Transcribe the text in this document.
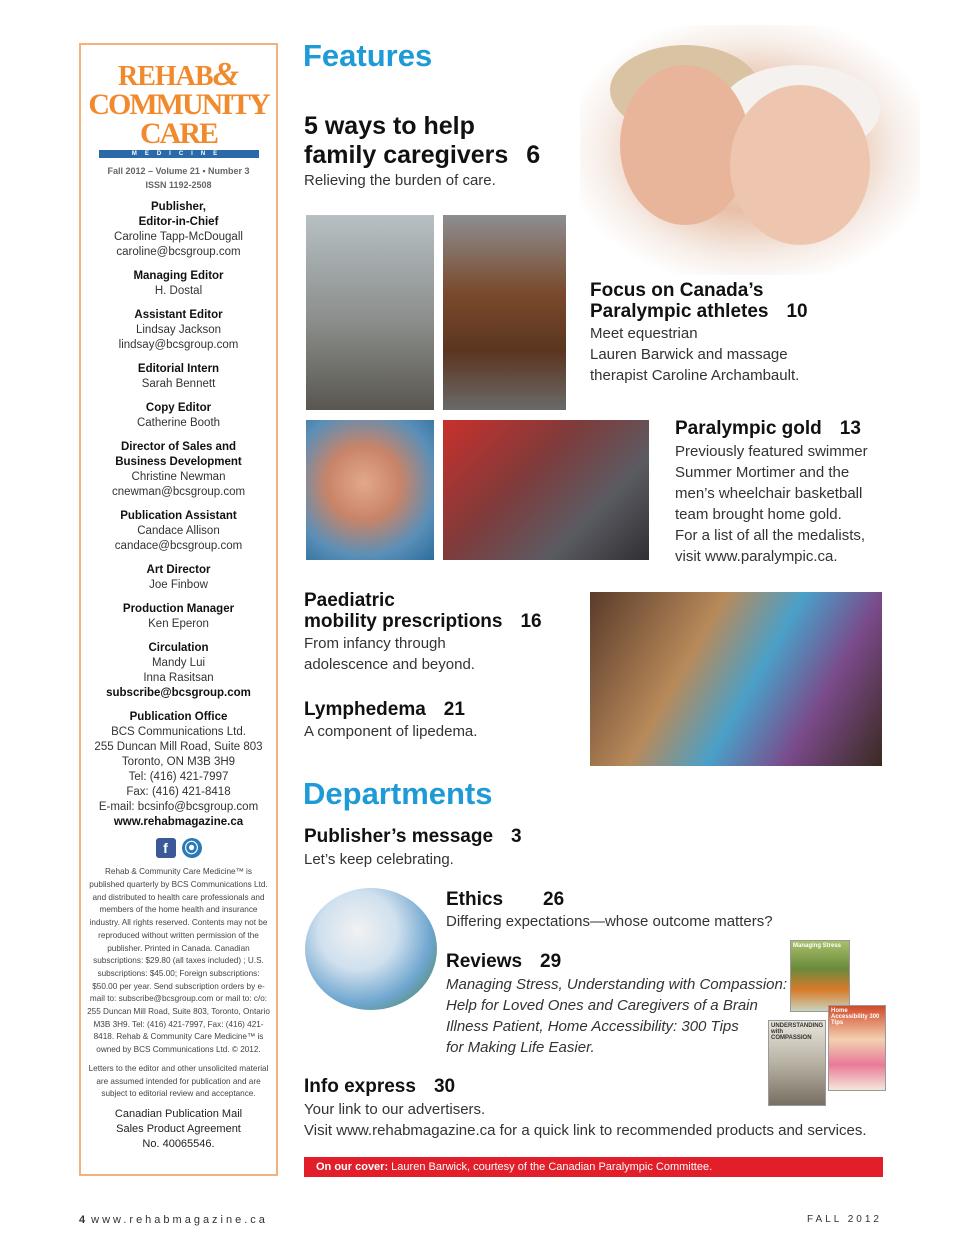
REHAB&
COMMUNITY CARE
MEDICINE
Fall 2012 – Volume 21 ▪ Number 3
ISSN 1192-2508
Publisher,
Editor-in-Chief
Caroline Tapp-McDougall
caroline@bcsgroup.com
Managing Editor
H. Dostal
Assistant Editor
Lindsay Jackson
lindsay@bcsgroup.com
Editorial Intern
Sarah Bennett
Copy Editor
Catherine Booth
Director of Sales and
Business Development
Christine Newman
cnewman@bcsgroup.com
Publication Assistant
Candace Allison
candace@bcsgroup.com
Art Director
Joe Finbow
Production Manager
Ken Eperon
Circulation
Mandy Lui
Inna Rasitsan
subscribe@bcsgroup.com
Publication Office
BCS Communications Ltd.
255 Duncan Mill Road, Suite 803
Toronto, ON M3B 3H9
Tel: (416) 421-7997
Fax: (416) 421-8418
E-mail: bcsinfo@bcsgroup.com
www.rehabmagazine.ca
f ⦿
Rehab & Community Care Medicine™ is published quarterly by BCS Communications Ltd. and distributed to health care professionals and members of the home health and insurance industry. All rights reserved. Contents may not be reproduced without written permission of the publisher. Printed in Canada. Canadian subscriptions: $29.80 (all taxes included) ; U.S. subscriptions: $45.00; Foreign subscriptions: $50.00 per year. Send subscription orders by e-mail to: subscribe@bcsgroup.com or mail to: c/o: 255 Duncan Mill Road, Suite 803, Toronto, Ontario M3B 3H9. Tel: (416) 421-7997, Fax: (416) 421-8418. Rehab & Community Care Medicine™ is owned by BCS Communications Ltd. © 2012.
Letters to the editor and other unsolicited material are assumed intended for publication and are subject to editorial review and acceptance.
Canadian Publication Mail
Sales Product Agreement
No. 40065546.
Features
5 ways to help
family caregivers 6
Relieving the burden of care.
Focus on Canada’s
Paralympic athletes 10
Meet equestrian
Lauren Barwick and massage
therapist Caroline Archambault.
Paralympic gold 13
Previously featured swimmer
Summer Mortimer and the
men’s wheelchair basketball
team brought home gold.
For a list of all the medalists,
visit www.paralympic.ca.
Paediatric
mobility prescriptions 16
From infancy through
adolescence and beyond.
Lymphedema 21
A component of lipedema.
Departments
Publisher’s message 3
Let’s keep celebrating.
Ethics 26
Differing expectations—whose outcome matters?
Reviews 29
Managing Stress, Understanding with Compassion:
Help for Loved Ones and Caregivers of a Brain
Illness Patient, Home Accessibility: 300 Tips
for Making Life Easier.
Managing Stress
UNDERSTANDING with COMPASSION
Home Accessibility 300 Tips
Info express 30
Your link to our advertisers.
Visit www.rehabmagazine.ca for a quick link to recommended products and services.
On our cover: Lauren Barwick, courtesy of the Canadian Paralympic Committee.
4 www.rehabmagazine.ca	FALL 2012
